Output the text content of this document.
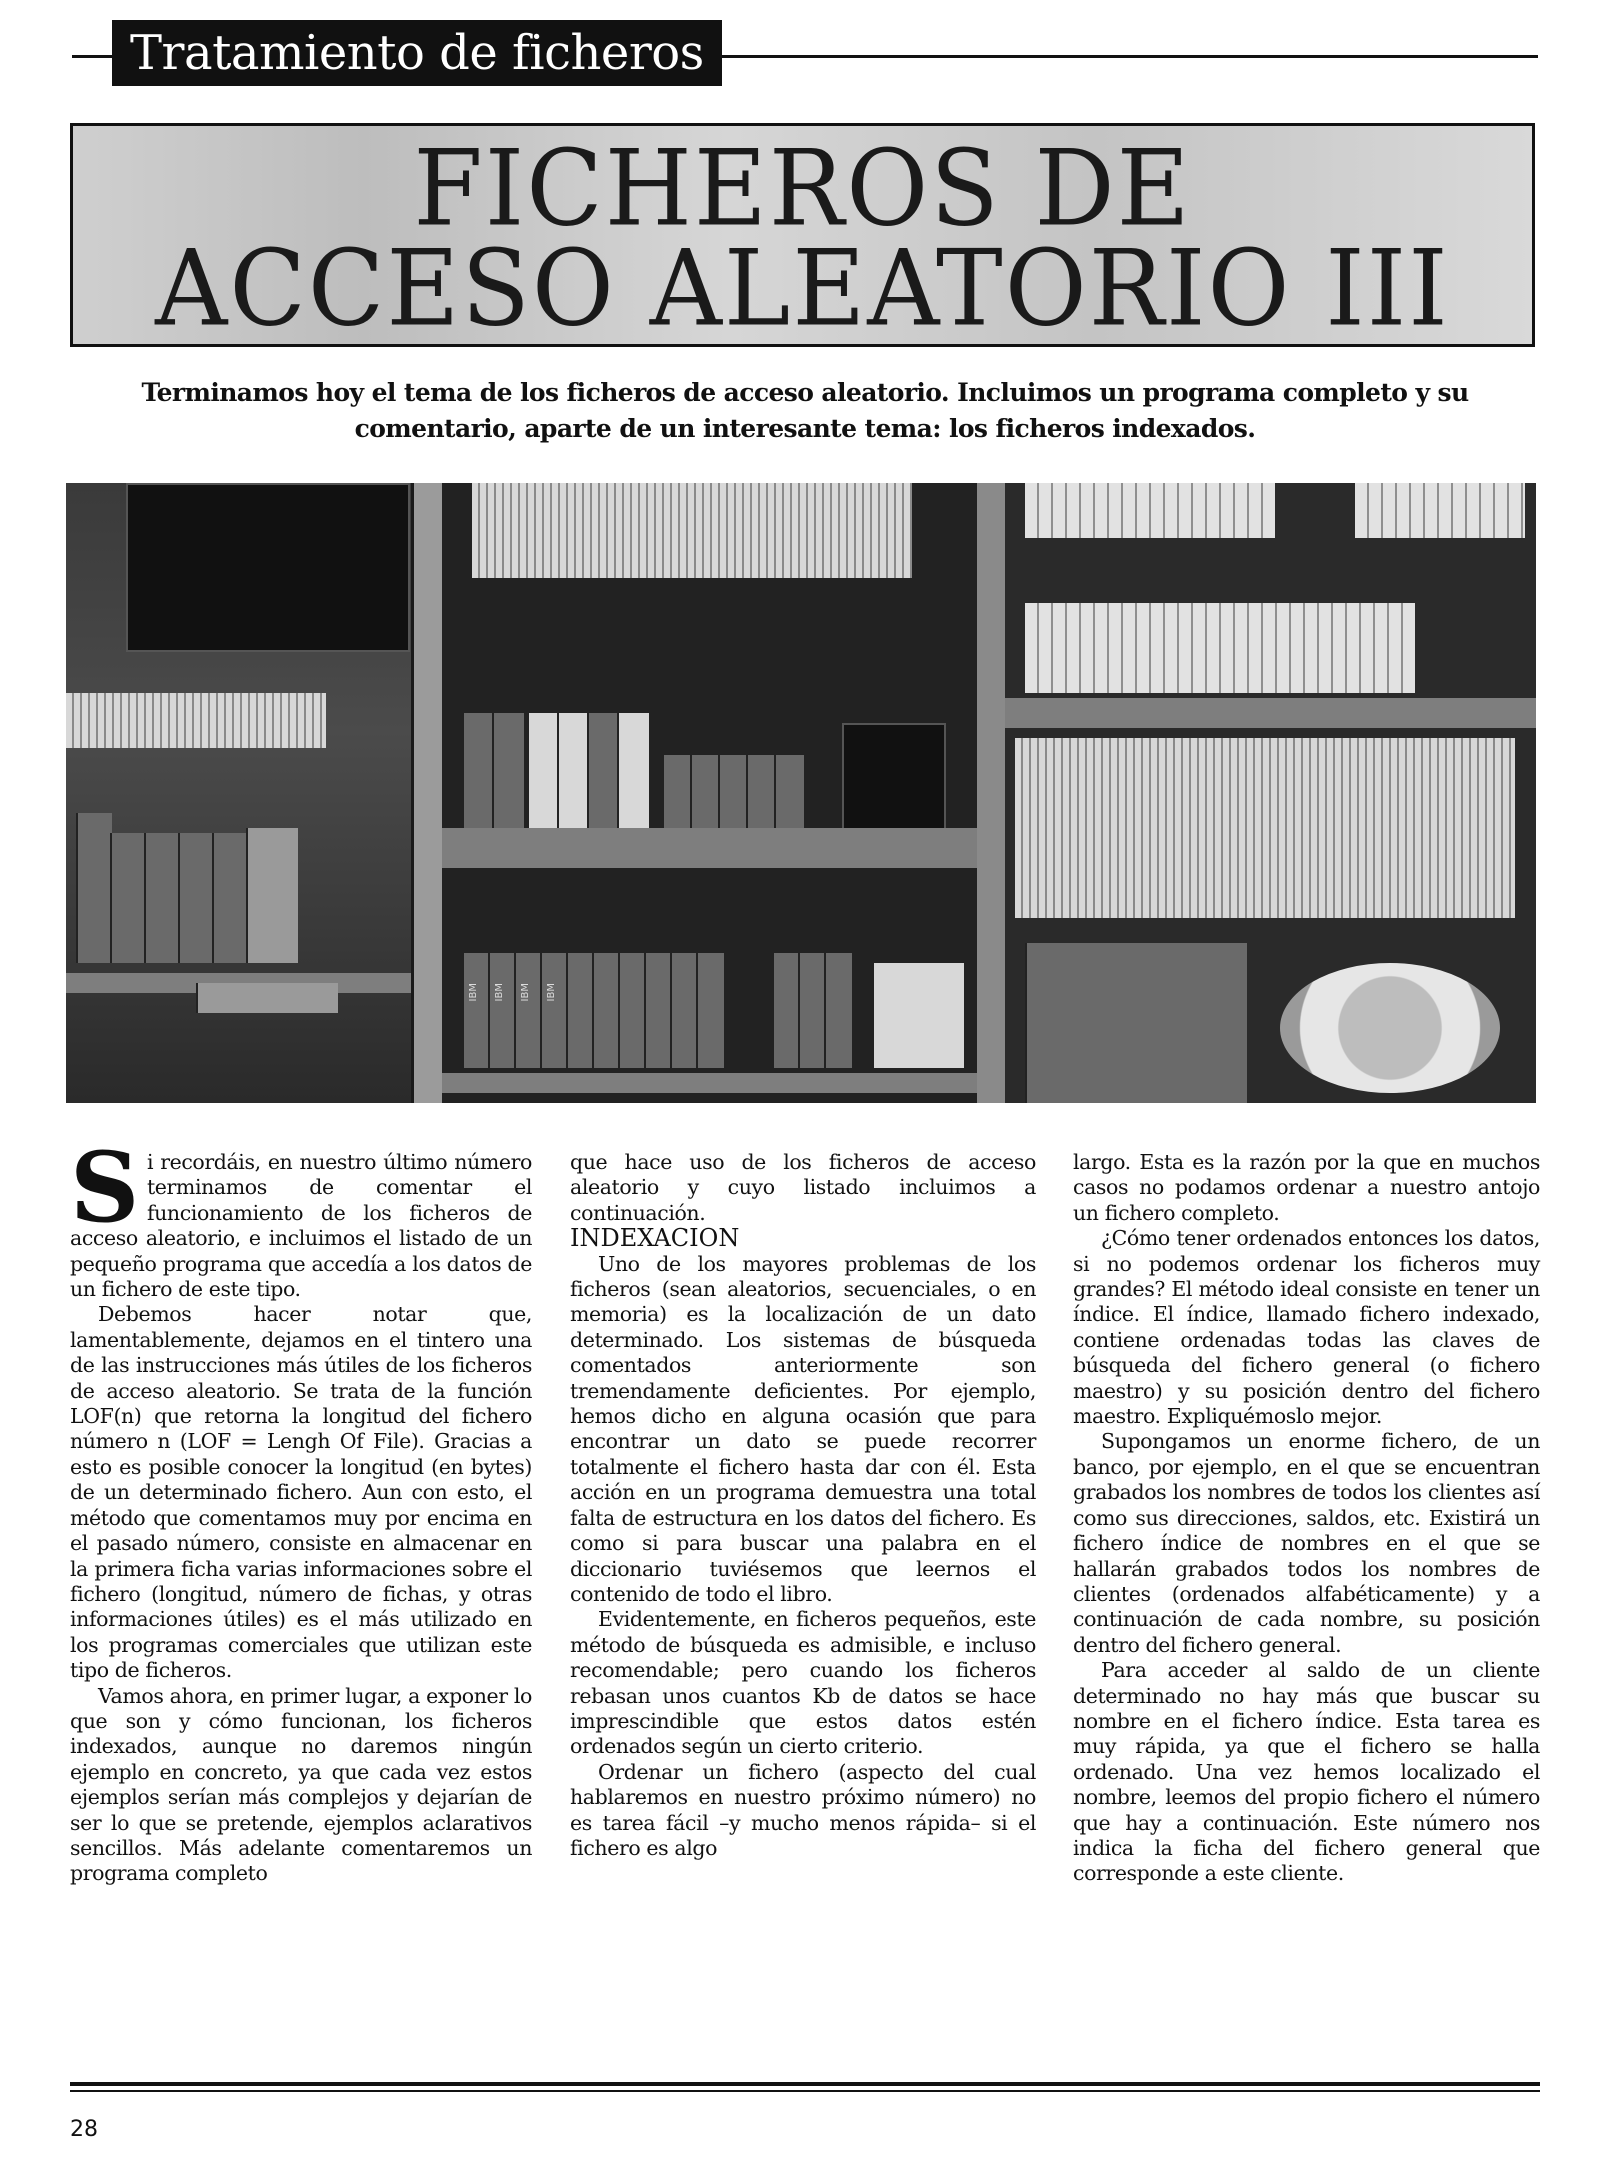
Tratamiento de ficheros
FICHEROS DE
ACCESO ALEATORIO III
Terminamos hoy el tema de los ficheros de acceso aleatorio. Incluimos un programa completo y su comentario, aparte de un interesante tema: los ficheros indexados.
IBM IBM IBM IBM

Si recordáis, en nuestro último número terminamos de comentar el funcionamiento de los ficheros de acceso aleatorio, e incluimos el listado de un pequeño programa que accedía a los datos de un fichero de este tipo.

Debemos hacer notar que, lamentablemente, dejamos en el tintero una de las instrucciones más útiles de los ficheros de acceso aleatorio. Se trata de la función LOF(n) que retorna la longitud del fichero número n (LOF = Lengh Of File). Gracias a esto es posible conocer la longitud (en bytes) de un determinado fichero. Aun con esto, el método que comentamos muy por encima en el pasado número, consiste en almacenar en la primera ficha varias informaciones sobre el fichero (longitud, número de fichas, y otras informaciones útiles) es el más utilizado en los programas comerciales que utilizan este tipo de ficheros.

Vamos ahora, en primer lugar, a exponer lo que son y cómo funcionan, los ficheros indexados, aunque no daremos ningún ejemplo en concreto, ya que cada vez estos ejemplos serían más complejos y dejarían de ser lo que se pretende, ejemplos aclarativos sencillos. Más adelante comentaremos un programa completo

que hace uso de los ficheros de acceso aleatorio y cuyo listado incluimos a continuación.

INDEXACION

Uno de los mayores problemas de los ficheros (sean aleatorios, secuenciales, o en memoria) es la localización de un dato determinado. Los sistemas de búsqueda comentados anteriormente son tremendamente deficientes. Por ejemplo, hemos dicho en alguna ocasión que para encontrar un dato se puede recorrer totalmente el fichero hasta dar con él. Esta acción en un programa demuestra una total falta de estructura en los datos del fichero. Es como si para buscar una palabra en el diccionario tuviésemos que leernos el contenido de todo el libro.

Evidentemente, en ficheros pequeños, este método de búsqueda es admisible, e incluso recomendable; pero cuando los ficheros rebasan unos cuantos Kb de datos se hace imprescindible que estos datos estén ordenados según un cierto criterio.

Ordenar un fichero (aspecto del cual hablaremos en nuestro próximo número) no es tarea fácil –y mucho menos rápida– si el fichero es algo

largo. Esta es la razón por la que en muchos casos no podamos ordenar a nuestro antojo un fichero completo.

¿Cómo tener ordenados entonces los datos, si no podemos ordenar los ficheros muy grandes? El método ideal consiste en tener un índice. El índice, llamado fichero indexado, contiene ordenadas todas las claves de búsqueda del fichero general (o fichero maestro) y su posición dentro del fichero maestro. Expliquémoslo mejor.

Supongamos un enorme fichero, de un banco, por ejemplo, en el que se encuentran grabados los nombres de todos los clientes así como sus direcciones, saldos, etc. Existirá un fichero índice de nombres en el que se hallarán grabados todos los nombres de clientes (ordenados alfabéticamente) y a continuación de cada nombre, su posición dentro del fichero general.

Para acceder al saldo de un cliente determinado no hay más que buscar su nombre en el fichero índice. Esta tarea es muy rápida, ya que el fichero se halla ordenado. Una vez hemos localizado el nombre, leemos del propio fichero el número que hay a continuación. Este número nos indica la ficha del fichero general que corresponde a este cliente.

28
